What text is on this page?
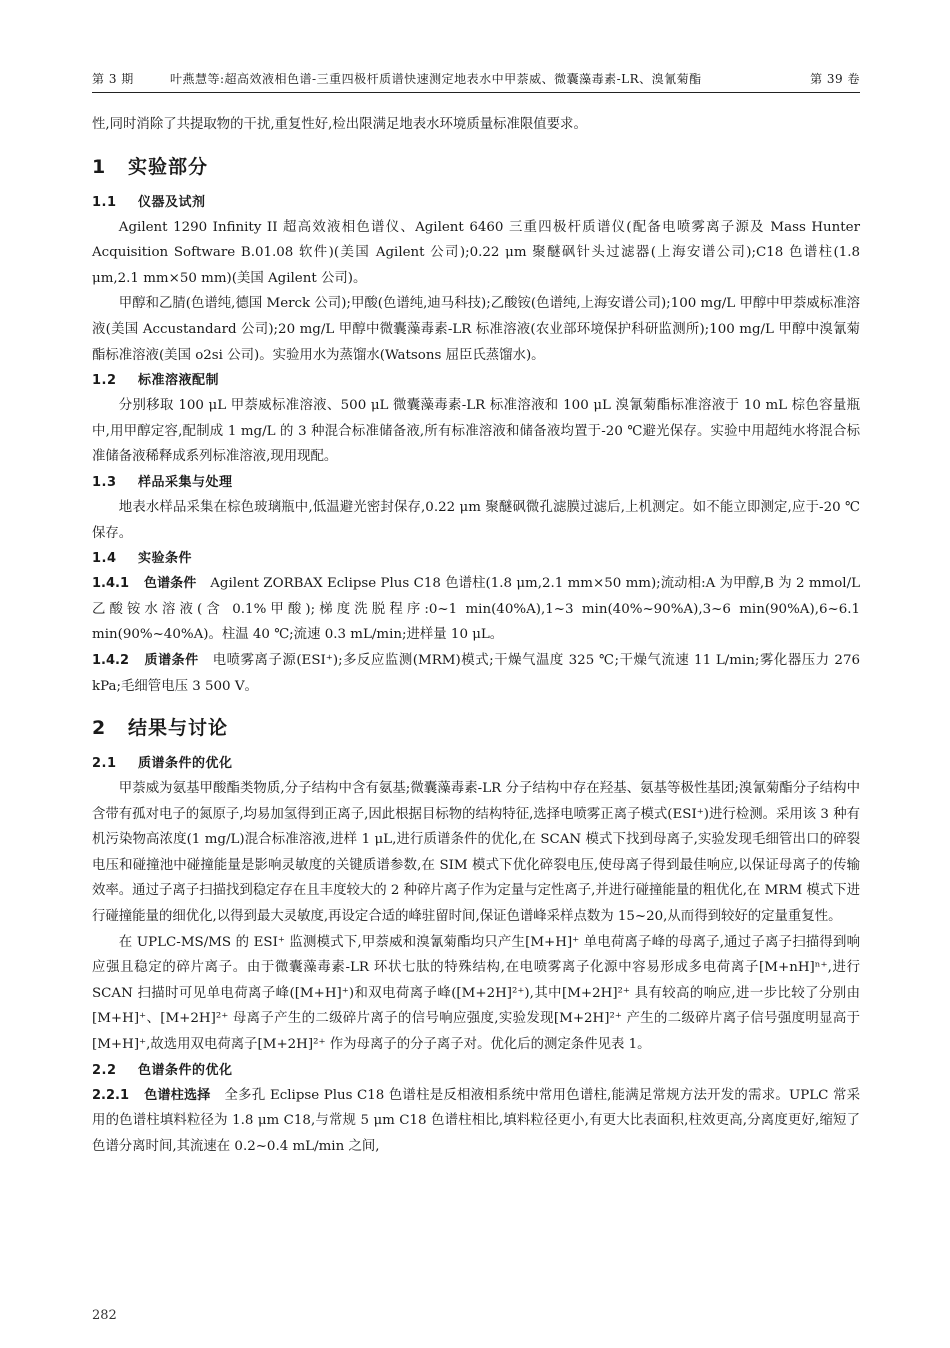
第 3 期	叶燕慧等:超高效液相色谱-三重四极杆质谱快速测定地表水中甲萘威、微囊藻毒素-LR、溴氰菊酯	第 39 卷

性,同时消除了共提取物的干扰,重复性好,检出限满足地表水环境质量标准限值要求。

1 实验部分
1.1 仪器及试剂

Agilent 1290 Infinity II 超高效液相色谱仪、Agilent 6460 三重四极杆质谱仪(配备电喷雾离子源及 Mass Hunter Acquisition Software B.01.08 软件)(美国 Agilent 公司);0.22 μm 聚醚砜针头过滤器(上海安谱公司);C18 色谱柱(1.8 μm,2.1 mm×50 mm)(美国 Agilent 公司)。

甲醇和乙腈(色谱纯,德国 Merck 公司);甲酸(色谱纯,迪马科技);乙酸铵(色谱纯,上海安谱公司);100 mg/L 甲醇中甲萘威标准溶液(美国 Accustandard 公司);20 mg/L 甲醇中微囊藻毒素-LR 标准溶液(农业部环境保护科研监测所);100 mg/L 甲醇中溴氰菊酯标准溶液(美国 o2si 公司)。实验用水为蒸馏水(Watsons 屈臣氏蒸馏水)。

1.2 标准溶液配制

分别移取 100 μL 甲萘威标准溶液、500 μL 微囊藻毒素-LR 标准溶液和 100 μL 溴氰菊酯标准溶液于 10 mL 棕色容量瓶中,用甲醇定容,配制成 1 mg/L 的 3 种混合标准储备液,所有标准溶液和储备液均置于-20 ℃避光保存。实验中用超纯水将混合标准储备液稀释成系列标准溶液,现用现配。

1.3 样品采集与处理

地表水样品采集在棕色玻璃瓶中,低温避光密封保存,0.22 μm 聚醚砜微孔滤膜过滤后,上机测定。如不能立即测定,应于-20 ℃保存。

1.4 实验条件

1.4.1 色谱条件 Agilent ZORBAX Eclipse Plus C18 色谱柱(1.8 μm,2.1 mm×50 mm);流动相:A 为甲醇,B 为 2 mmol/L 乙酸铵水溶液(含 0.1%甲酸);梯度洗脱程序:0~1 min(40%A),1~3 min(40%~90%A),3~6 min(90%A),6~6.1 min(90%~40%A)。柱温 40 ℃;流速 0.3 mL/min;进样量 10 μL。

1.4.2 质谱条件 电喷雾离子源(ESI⁺);多反应监测(MRM)模式;干燥气温度 325 ℃;干燥气流速 11 L/min;雾化器压力 276 kPa;毛细管电压 3 500 V。

2 结果与讨论
2.1 质谱条件的优化

甲萘威为氨基甲酸酯类物质,分子结构中含有氨基;微囊藻毒素-LR 分子结构中存在羟基、氨基等极性基团;溴氰菊酯分子结构中含带有孤对电子的氮原子,均易加氢得到正离子,因此根据目标物的结构特征,选择电喷雾正离子模式(ESI⁺)进行检测。采用该 3 种有机污染物高浓度(1 mg/L)混合标准溶液,进样 1 μL,进行质谱条件的优化,在 SCAN 模式下找到母离子,实验发现毛细管出口的碎裂电压和碰撞池中碰撞能量是影响灵敏度的关键质谱参数,在 SIM 模式下优化碎裂电压,使母离子得到最佳响应,以保证母离子的传输效率。通过子离子扫描找到稳定存在且丰度较大的 2 种碎片离子作为定量与定性离子,并进行碰撞能量的粗优化,在 MRM 模式下进行碰撞能量的细优化,以得到最大灵敏度,再设定合适的峰驻留时间,保证色谱峰采样点数为 15~20,从而得到较好的定量重复性。

在 UPLC-MS/MS 的 ESI⁺ 监测模式下,甲萘威和溴氰菊酯均只产生[M+H]⁺ 单电荷离子峰的母离子,通过子离子扫描得到响应强且稳定的碎片离子。由于微囊藻毒素-LR 环状七肽的特殊结构,在电喷雾离子化源中容易形成多电荷离子[M+nH]ⁿ⁺,进行 SCAN 扫描时可见单电荷离子峰([M+H]⁺)和双电荷离子峰([M+2H]²⁺),其中[M+2H]²⁺ 具有较高的响应,进一步比较了分别由[M+H]⁺、[M+2H]²⁺ 母离子产生的二级碎片离子的信号响应强度,实验发现[M+2H]²⁺ 产生的二级碎片离子信号强度明显高于[M+H]⁺,故选用双电荷离子[M+2H]²⁺ 作为母离子的分子离子对。优化后的测定条件见表 1。

2.2 色谱条件的优化

2.2.1 色谱柱选择 全多孔 Eclipse Plus C18 色谱柱是反相液相系统中常用色谱柱,能满足常规方法开发的需求。UPLC 常采用的色谱柱填料粒径为 1.8 μm C18,与常规 5 μm C18 色谱柱相比,填料粒径更小,有更大比表面积,柱效更高,分离度更好,缩短了色谱分离时间,其流速在 0.2~0.4 mL/min 之间,

282
